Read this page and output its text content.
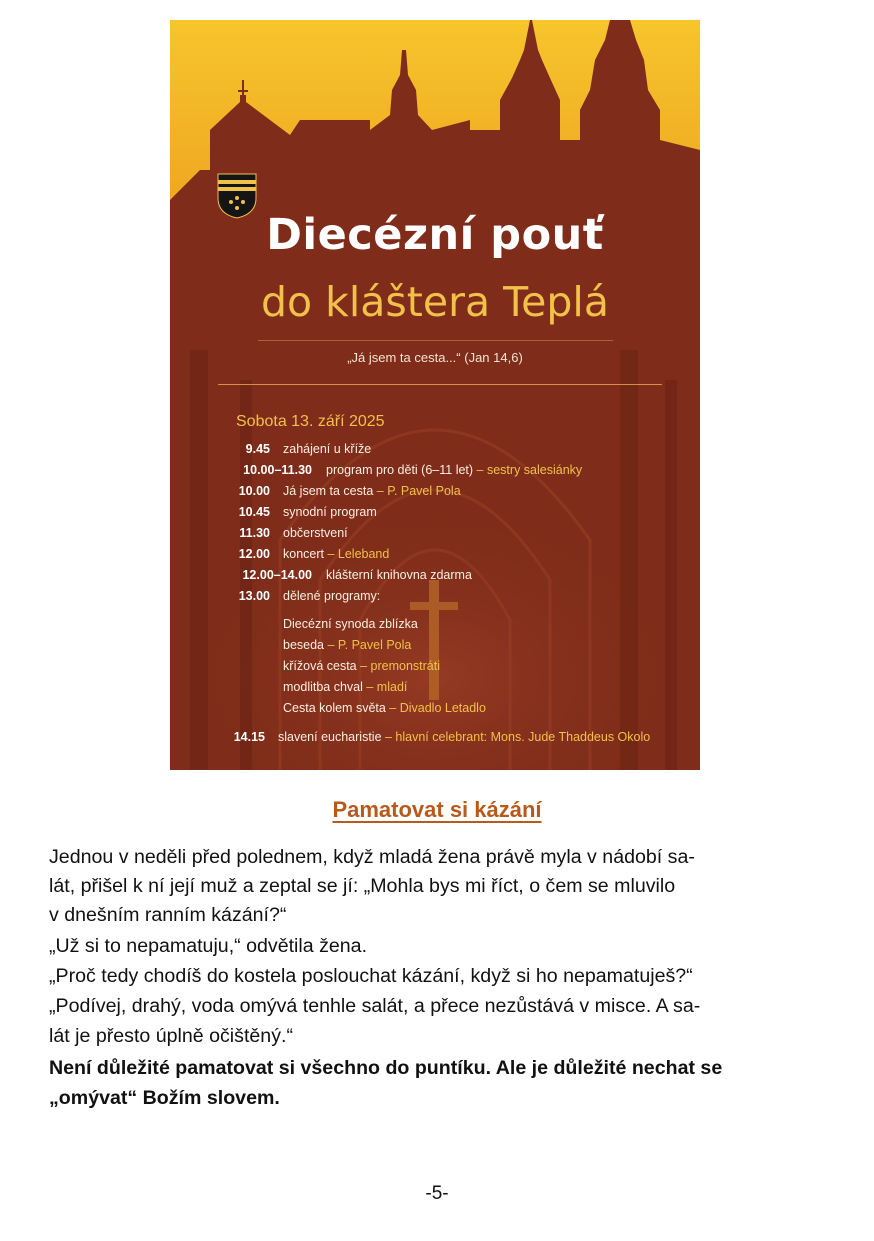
Diecézní pouť
do kláštera Teplá
„Já jsem ta cesta...“ (Jan 14,6)
Sobota 13. září 2025
9.45 zahájení u kříže
10.00–11.30 program pro děti (6–11 let) – sestry salesiánky
10.00 Já jsem ta cesta – P. Pavel Pola
10.45 synodní program
11.30 občerstvení
12.00 koncert – Leleband
12.00–14.00 klášterní knihovna zdarma
13.00 dělené programy:
Diecézní synoda zblízka
beseda – P. Pavel Pola
křížová cesta – premonstráti
modlitba chval – mladí
Cesta kolem světa – Divadlo Letadlo
14.15 slavení eucharistie – hlavní celebrant: Mons. Jude Thaddeus Okolo
Pamatovat si kázání
Jednou v neděli před polednem, když mladá žena právě myla v nádobí sa-
lát, přišel k ní její muž a zeptal se jí: „Mohla bys mi říct, o čem se mluvilo
v dnešním ranním kázání?“
„Už si to nepamatuju,“ odvětila žena.
„Proč tedy chodíš do kostela poslouchat kázání, když si ho nepamatuješ?“
„Podívej, drahý, voda omývá tenhle salát, a přece nezůstává v misce. A sa-
lát je přesto úplně očištěný.“
Není důležité pamatovat si všechno do puntíku. Ale je důležité nechat se
„omývat“ Božím slovem.
-5-
